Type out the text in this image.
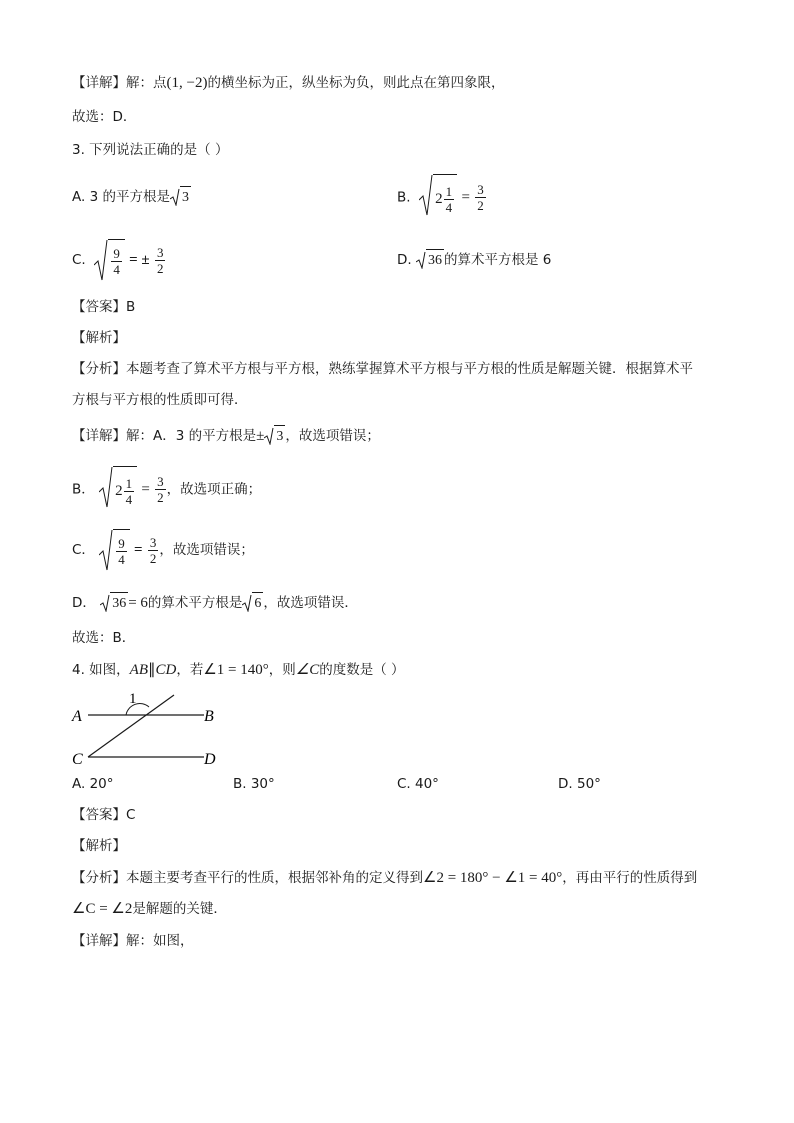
【详解】解：点(1, −2)的横坐标为正，纵坐标为负，则此点在第四象限，
故选：D．
3. 下列说法正确的是（ ）
A. 3 的平方根是 3	B. $2 \frac{1}{4} = \frac{3}{2}$
C. $\frac{9}{4}$ = ± $\frac{3}{2}$	D. 36 的算术平方根是 6
【答案】B
【解析】
【分析】本题考查了算术平方根与平方根，熟练掌握算术平方根与平方根的性质是解题关键．根据算术平
方根与平方根的性质即可得．
【详解】解：A．3 的平方根是± 3 ，故选项错误；
B． $2 \frac{1}{4} = \frac{3}{2}$ ，故选项正确；
C． $\frac{9}{4} = \frac{3}{2}$ ，故选项错误；
D． 36 = 6的算术平方根是 6 ，故选项错误．
故选：B．
4. 如图，AB∥CD，若∠1 = 140°，则∠C的度数是（ ）
A	B
C	D
1
A. 20°	B. 30°	C. 40°	D. 50°
【答案】C
【解析】
【分析】本题主要考查平行的性质，根据邻补角的定义得到∠2 = 180° − ∠1 = 40°，再由平行的性质得到
∠C = ∠2是解题的关键．
【详解】解：如图，
